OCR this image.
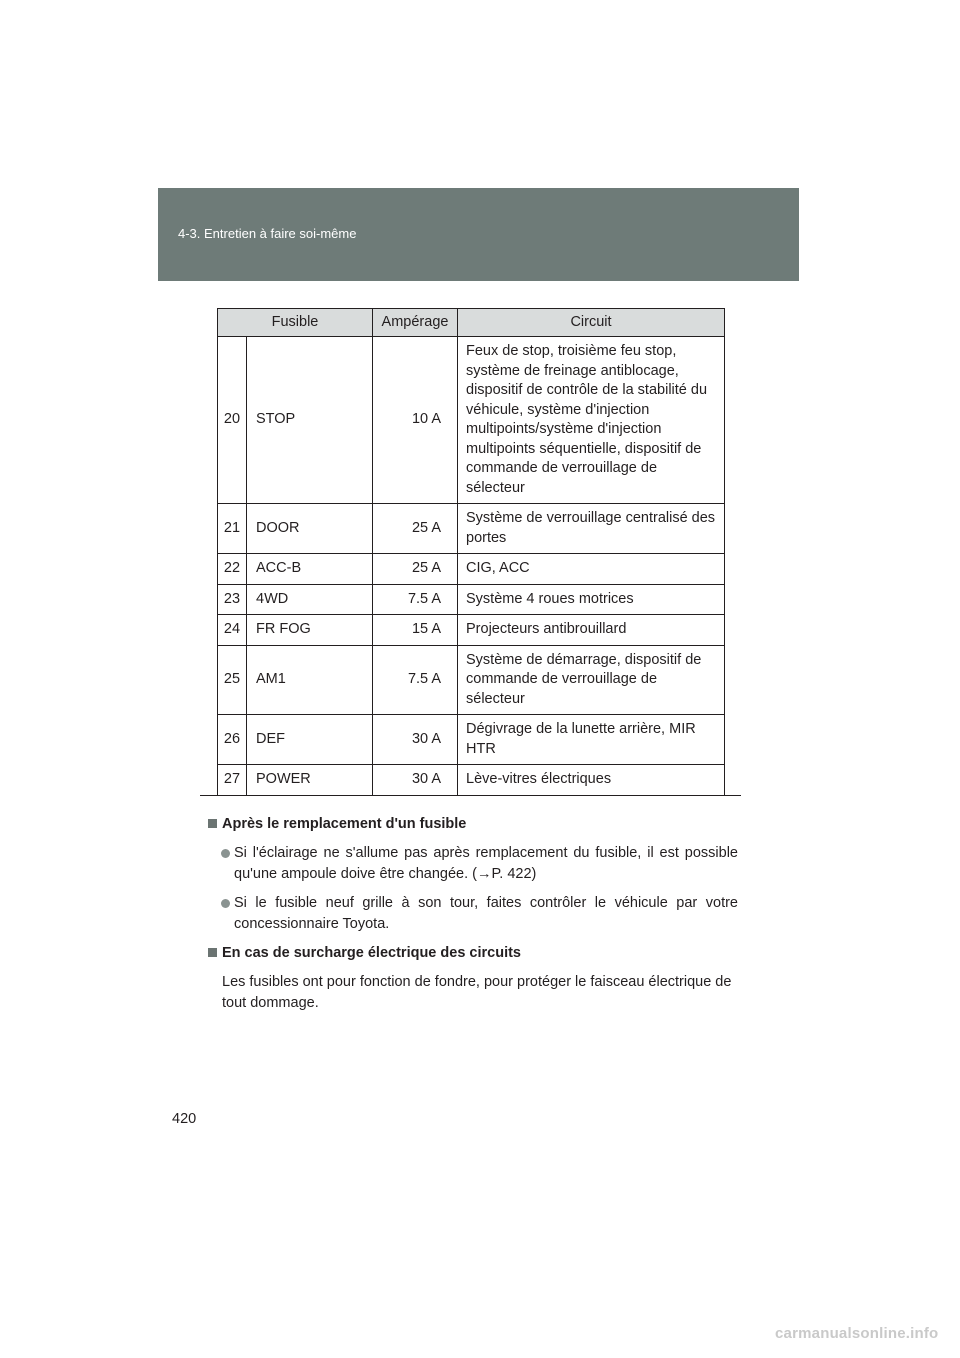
4-3. Entretien à faire soi-même
Fusible		Ampérage	Circuit
20	STOP	10 A	Feux de stop, troisième feu stop, système de freinage antiblocage, dispositif de contrôle de la stabilité du véhicule, système d'injection multipoints/système d'injection multipoints séquentielle, dispositif de commande de verrouillage de sélecteur
21	DOOR	25 A	Système de verrouillage centralisé des portes
22	ACC-B	25 A	CIG, ACC
23	4WD	7.5 A	Système 4 roues motrices
24	FR FOG	15 A	Projecteurs antibrouillard
25	AM1	7.5 A	Système de démarrage, dispositif de commande de verrouillage de sélecteur
26	DEF	30 A	Dégivrage de la lunette arrière, MIR HTR
27	POWER	30 A	Lève-vitres électriques
Après le remplacement d'un fusible
Si l'éclairage ne s'allume pas après remplacement du fusible, il est possible qu'une ampoule doive être changée. (→P. 422)
Si le fusible neuf grille à son tour, faites contrôler le véhicule par votre concessionnaire Toyota.
En cas de surcharge électrique des circuits
Les fusibles ont pour fonction de fondre, pour protéger le faisceau électrique de tout dommage.
420
carmanualsonline.info
